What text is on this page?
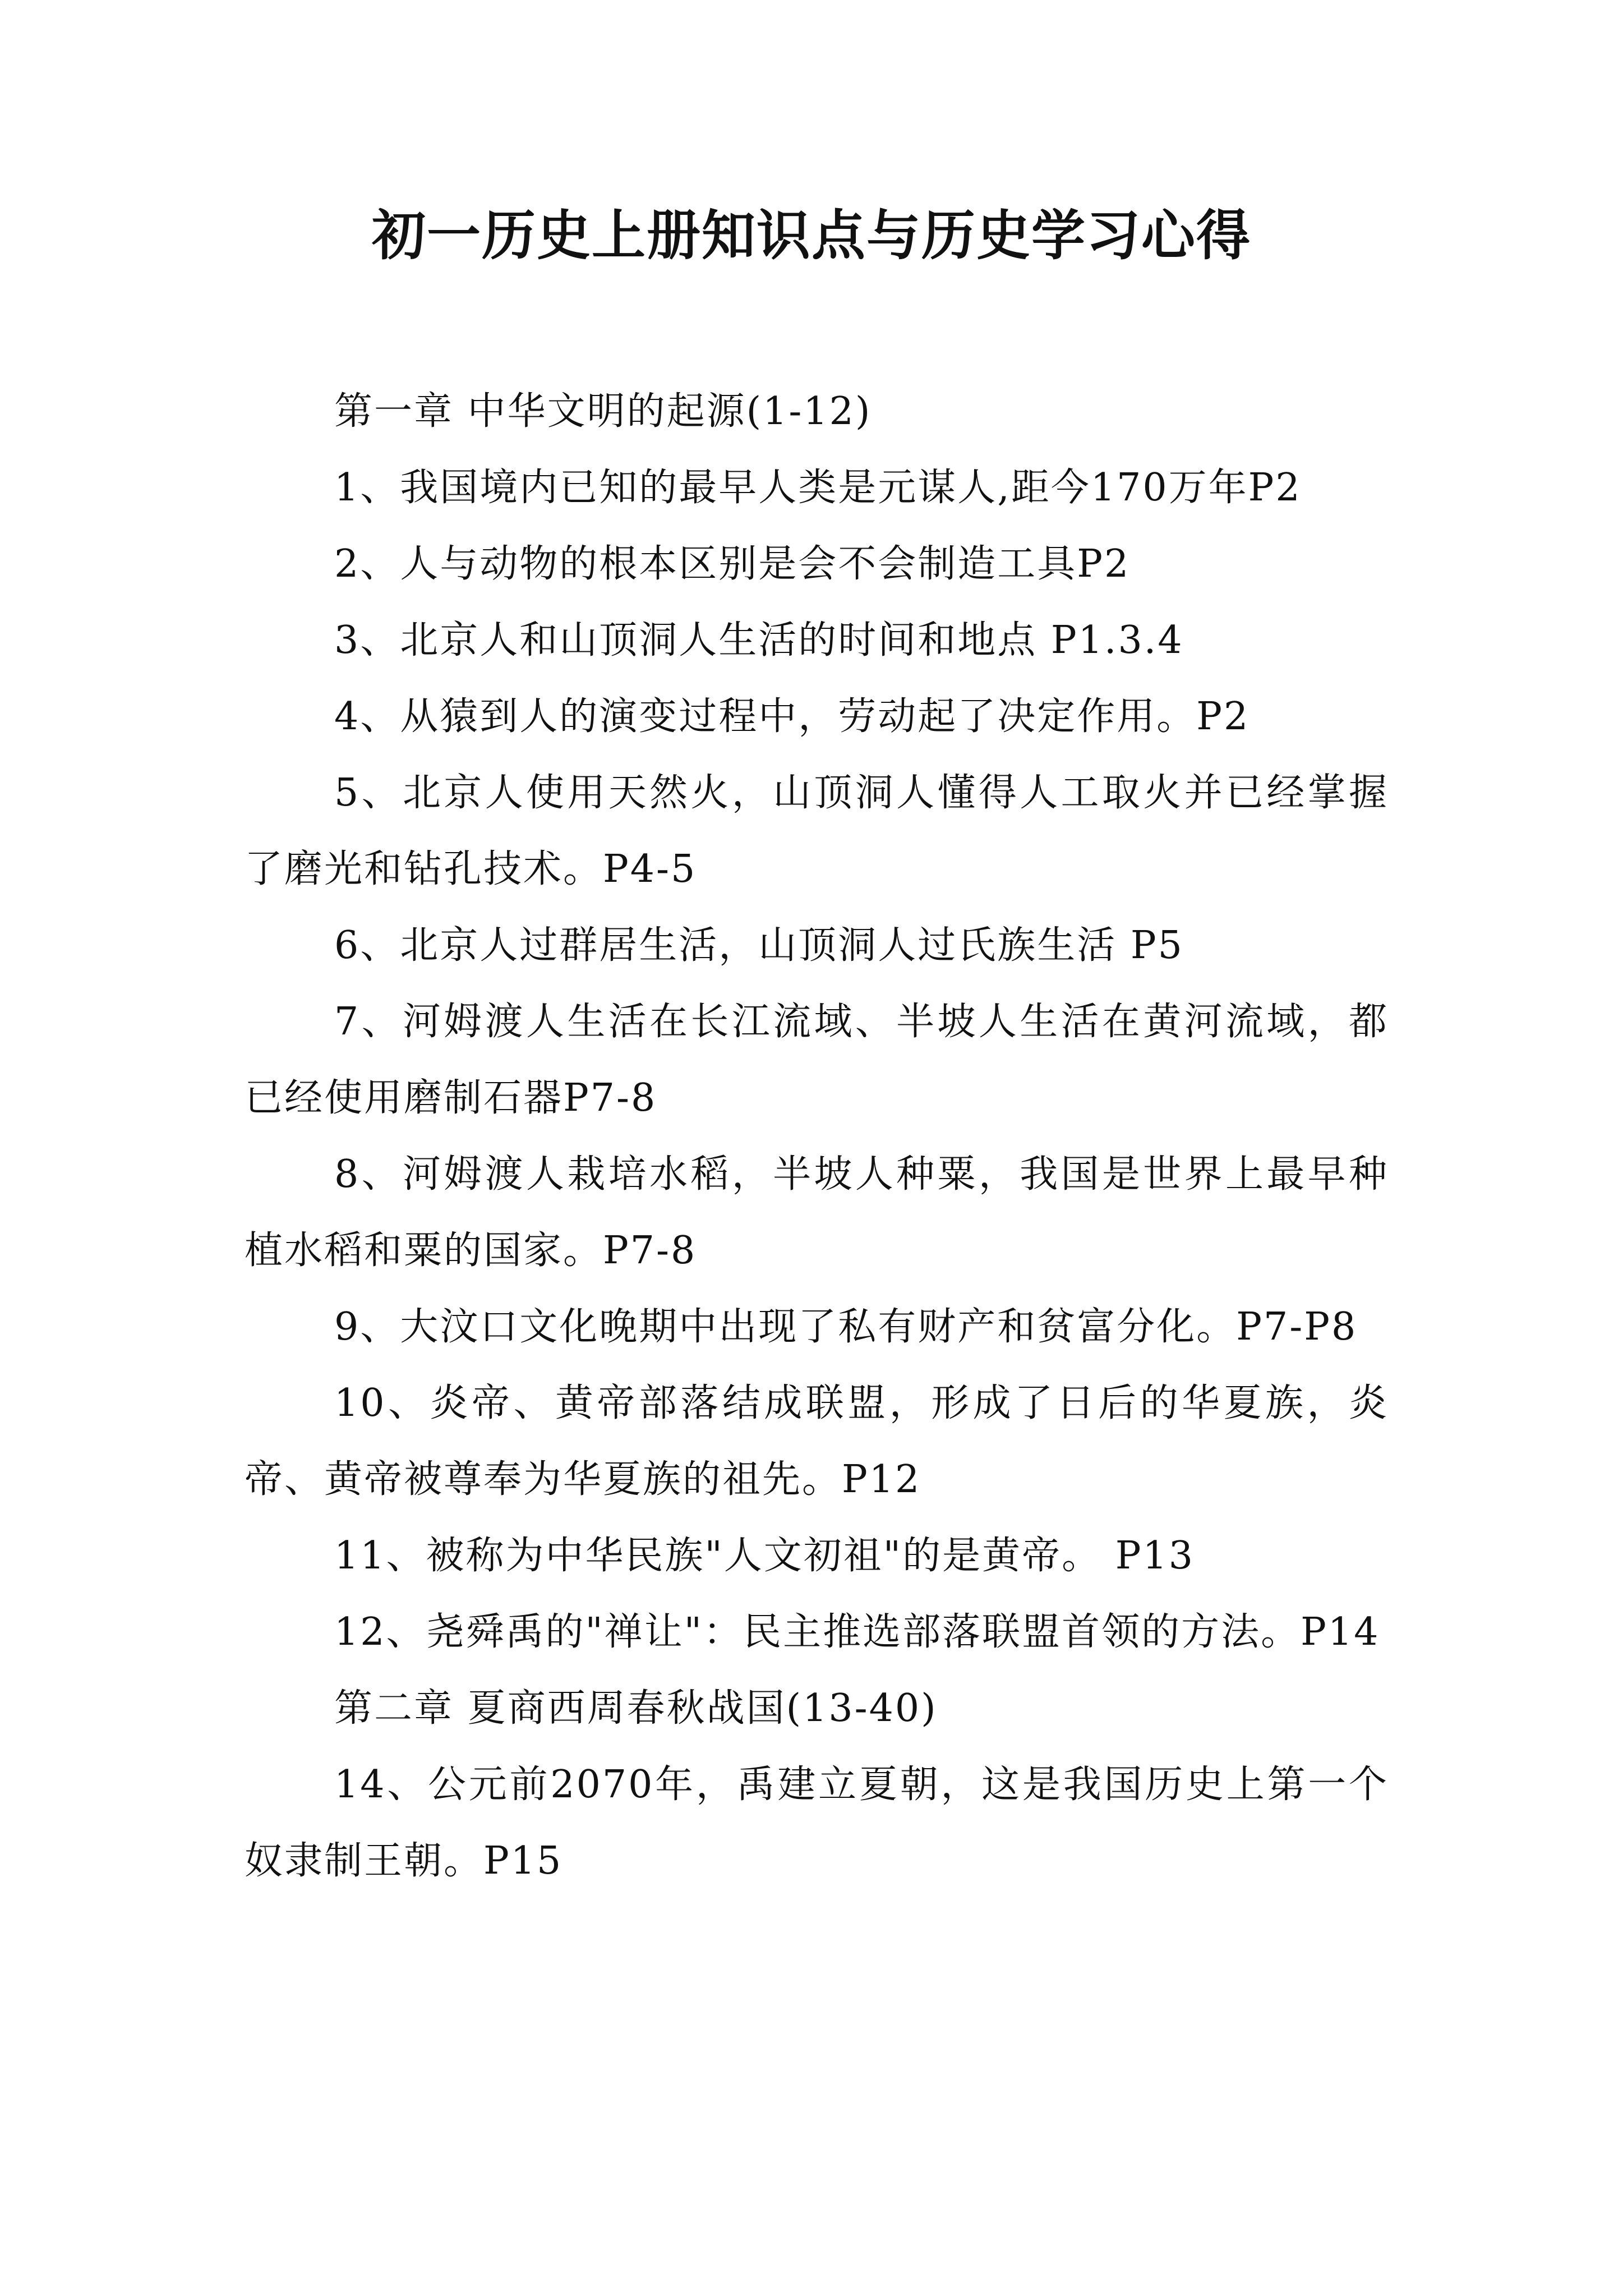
初一历史上册知识点与历史学习心得

第一章 中华文明的起源(1-12)

1、我国境内已知的最早人类是元谋人,距今170万年P2

2、人与动物的根本区别是会不会制造工具P2

3、北京人和山顶洞人生活的时间和地点 P1.3.4

4、从猿到人的演变过程中，劳动起了决定作用。P2

5、北京人使用天然火，山顶洞人懂得人工取火并已经掌握了磨光和钻孔技术。P4-5

6、北京人过群居生活，山顶洞人过氏族生活 P5

7、河姆渡人生活在长江流域、半坡人生活在黄河流域，都已经使用磨制石器P7-8

8、河姆渡人栽培水稻，半坡人种粟，我国是世界上最早种植水稻和粟的国家。P7-8

9、大汶口文化晚期中出现了私有财产和贫富分化。P7-P8

10、炎帝、黄帝部落结成联盟，形成了日后的华夏族，炎帝、黄帝被尊奉为华夏族的祖先。P12

11、被称为中华民族"人文初祖"的是黄帝。 P13

12、尧舜禹的"禅让"：民主推选部落联盟首领的方法。P14

第二章 夏商西周春秋战国(13-40)

14、公元前2070年，禹建立夏朝，这是我国历史上第一个奴隶制王朝。P15
